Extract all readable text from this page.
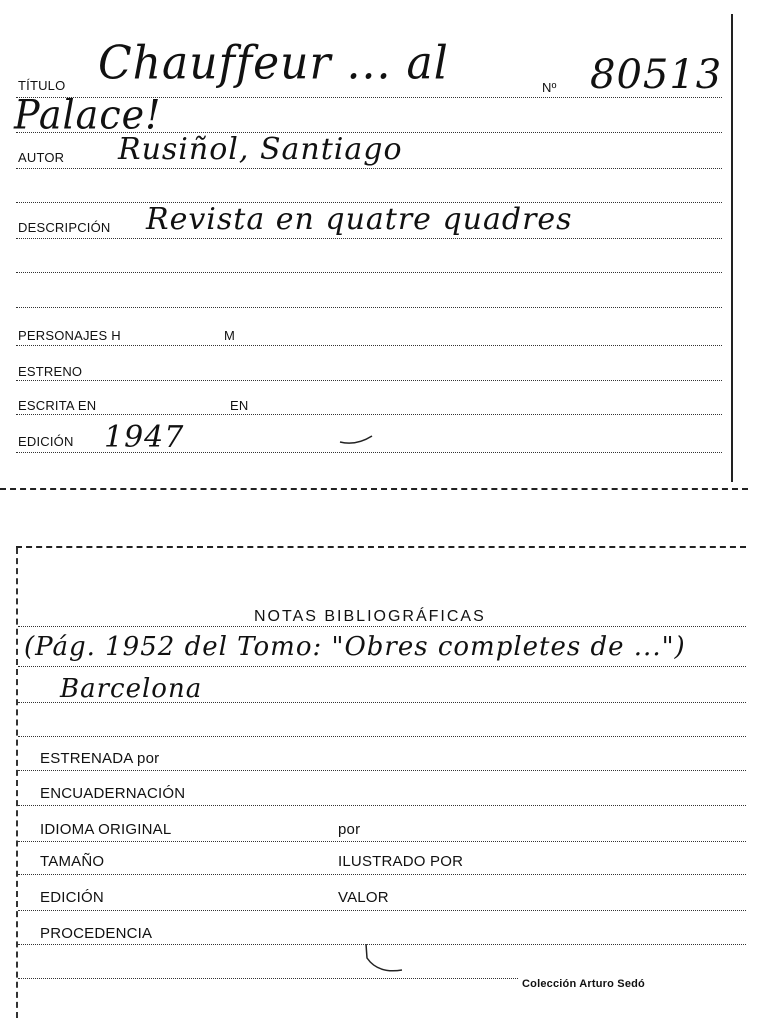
TÍTULO Chauffeur ... al	Nº 80513
Palace!
AUTOR Rusiñol, Santiago
DESCRIPCIÓN Revista en quatre quadres
PERSONAJES H	M
ESTRENO
ESCRITA EN	EN
EDICIÓN 1947
NOTAS BIBLIOGRÁFICAS
(Pág. 1952 del Tomo: "Obres completes de ...")
Barcelona
ESTRENADA por
ENCUADERNACIÓN
IDIOMA ORIGINAL	por
TAMAÑO	ILUSTRADO POR
EDICIÓN	VALOR
PROCEDENCIA
Colección Arturo Sedó
